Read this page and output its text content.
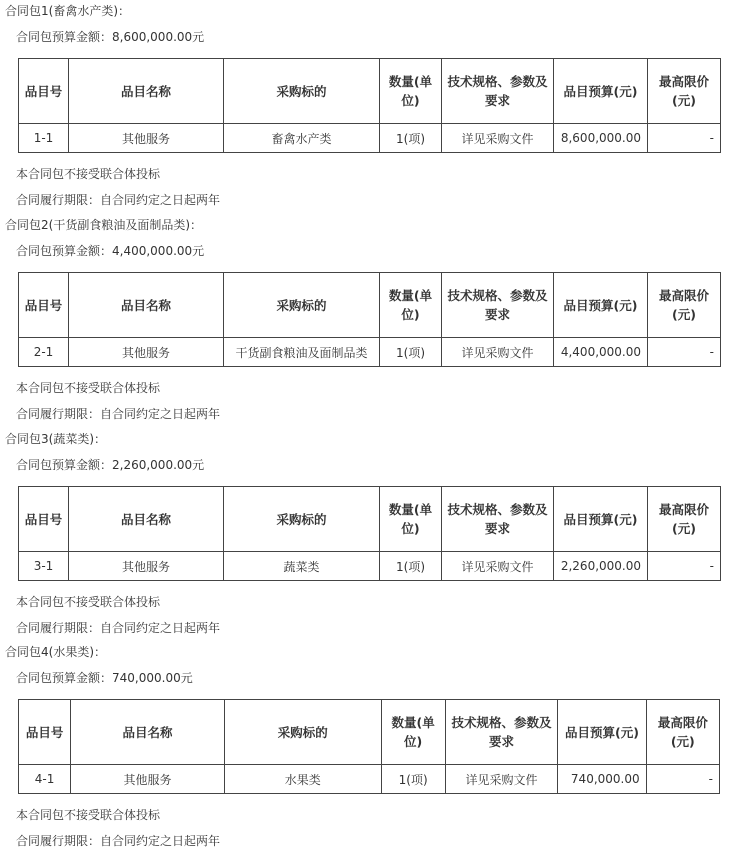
合同包1(畜禽水产类)：
合同包预算金额：8,600,000.00元
品目号	品目名称	采购标的	数量(单位)	技术规格、参数及要求	品目预算(元)	最高限价(元)
1-1	其他服务	畜禽水产类	1(项)	详见采购文件	8,600,000.00	-
本合同包不接受联合体投标
合同履行期限：自合同约定之日起两年
合同包2(干货副食粮油及面制品类)：
合同包预算金额：4,400,000.00元
品目号	品目名称	采购标的	数量(单位)	技术规格、参数及要求	品目预算(元)	最高限价(元)
2-1	其他服务	干货副食粮油及面制品类	1(项)	详见采购文件	4,400,000.00	-
本合同包不接受联合体投标
合同履行期限：自合同约定之日起两年
合同包3(蔬菜类)：
合同包预算金额：2,260,000.00元
品目号	品目名称	采购标的	数量(单位)	技术规格、参数及要求	品目预算(元)	最高限价(元)
3-1	其他服务	蔬菜类	1(项)	详见采购文件	2,260,000.00	-
本合同包不接受联合体投标
合同履行期限：自合同约定之日起两年
合同包4(水果类)：
合同包预算金额：740,000.00元
品目号	品目名称	采购标的	数量(单位)	技术规格、参数及要求	品目预算(元)	最高限价(元)
4-1	其他服务	水果类	1(项)	详见采购文件	740,000.00	-
本合同包不接受联合体投标
合同履行期限：自合同约定之日起两年
